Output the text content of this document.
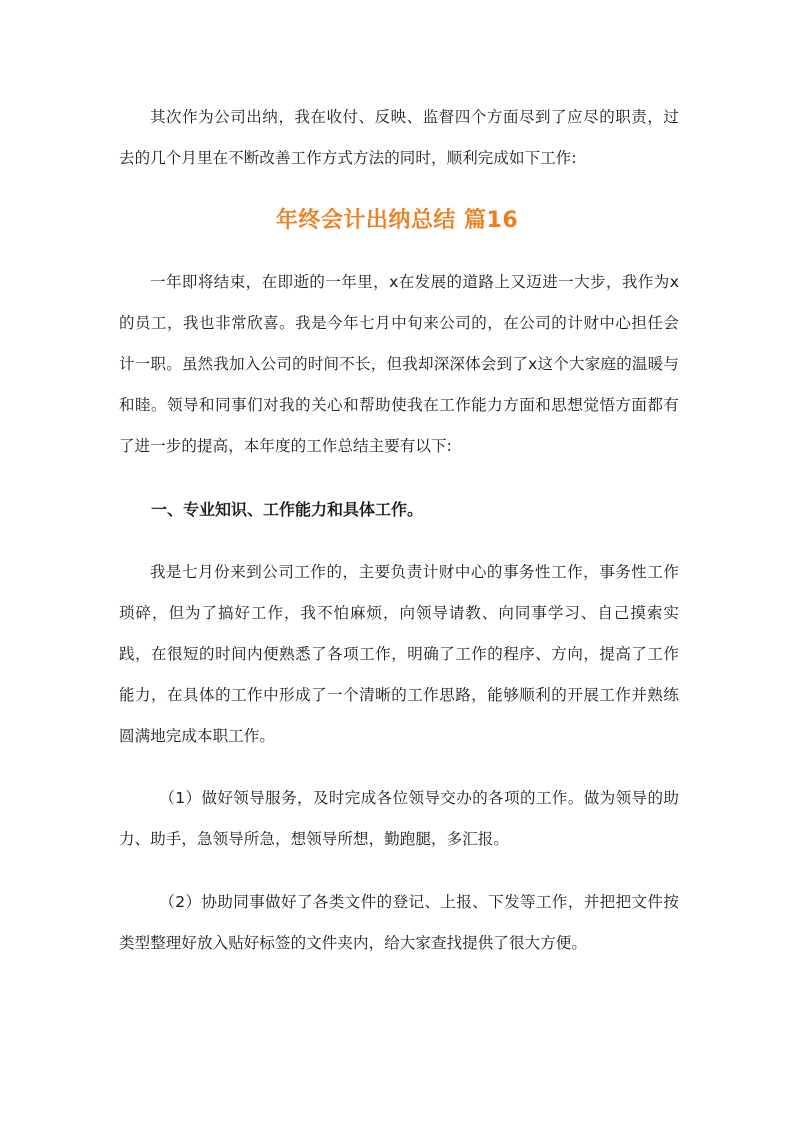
其次作为公司出纳，我在收付、反映、监督四个方面尽到了应尽的职责，过去的几个月里在不断改善工作方式方法的同时，顺利完成如下工作:

年终会计出纳总结 篇16

一年即将结束，在即逝的一年里，x在发展的道路上又迈进一大步，我作为x的员工，我也非常欣喜。我是今年七月中旬来公司的，在公司的计财中心担任会计一职。虽然我加入公司的时间不长，但我却深深体会到了x这个大家庭的温暖与和睦。领导和同事们对我的关心和帮助使我在工作能力方面和思想觉悟方面都有了进一步的提高，本年度的工作总结主要有以下:

一、专业知识、工作能力和具体工作。

我是七月份来到公司工作的，主要负责计财中心的事务性工作，事务性工作琐碎，但为了搞好工作，我不怕麻烦，向领导请教、向同事学习、自己摸索实践，在很短的时间内便熟悉了各项工作，明确了工作的程序、方向，提高了工作能力，在具体的工作中形成了一个清晰的工作思路，能够顺利的开展工作并熟练圆满地完成本职工作。

（1）做好领导服务，及时完成各位领导交办的各项的工作。做为领导的助力、助手，急领导所急，想领导所想，勤跑腿，多汇报。

（2）协助同事做好了各类文件的登记、上报、下发等工作，并把把文件按类型整理好放入贴好标签的文件夹内，给大家查找提供了很大方便。
